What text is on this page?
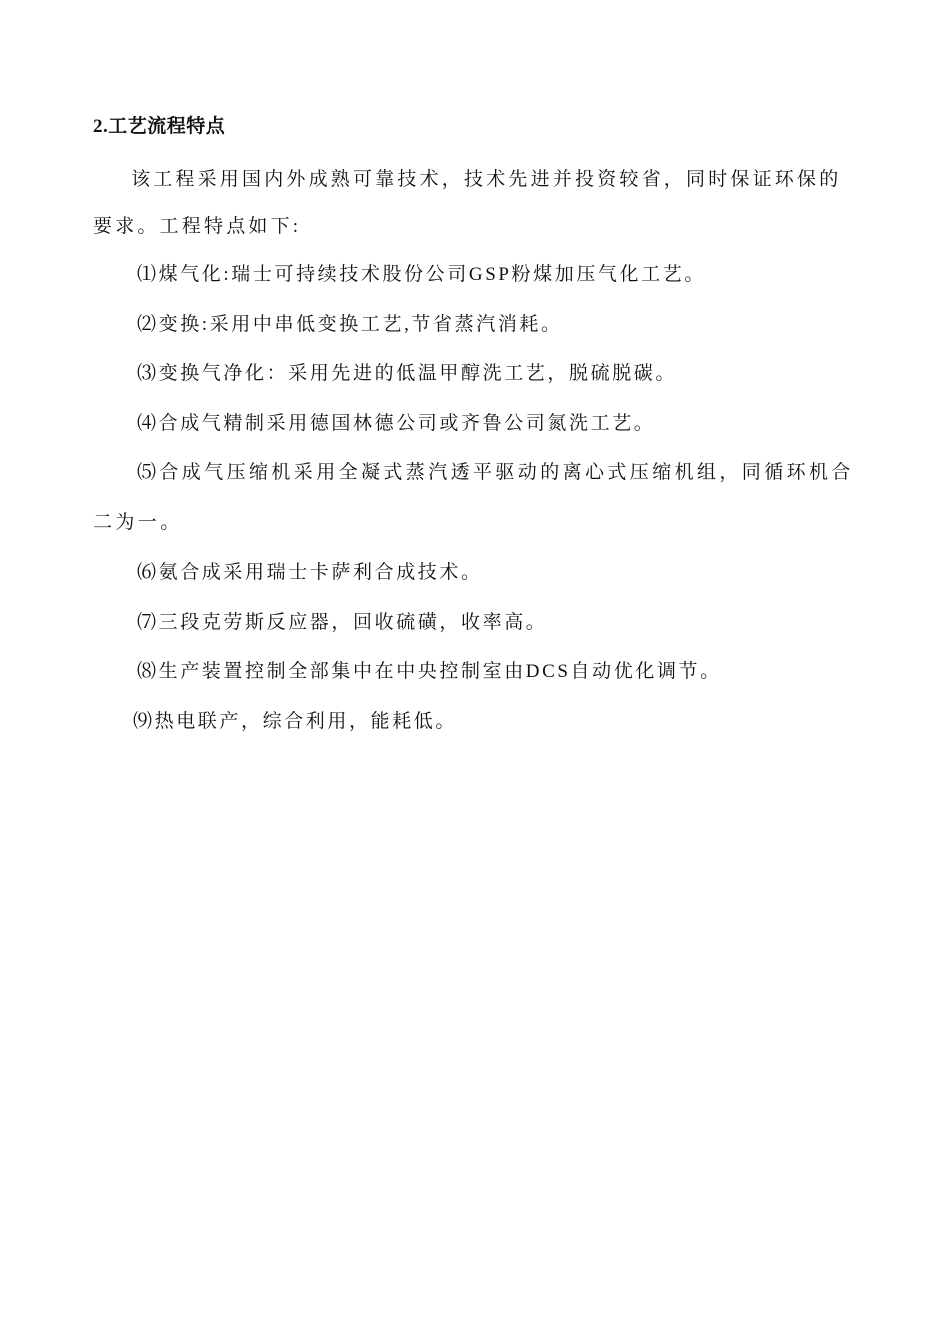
2.工艺流程特点

该工程采用国内外成熟可靠技术，技术先进并投资较省，同时保证环保的要求。工程特点如下:

⑴煤气化:瑞士可持续技术股份公司GSP粉煤加压气化工艺。

⑵变换:采用中串低变换工艺,节省蒸汽消耗。

⑶变换气净化：采用先进的低温甲醇洗工艺，脱硫脱碳。

⑷合成气精制采用德国林德公司或齐鲁公司氮洗工艺。

⑸合成气压缩机采用全凝式蒸汽透平驱动的离心式压缩机组，同循环机合二为一。

⑹氨合成采用瑞士卡萨利合成技术。

⑺三段克劳斯反应器，回收硫磺，收率高。

⑻生产装置控制全部集中在中央控制室由DCS自动优化调节。

⑼热电联产，综合利用，能耗低。
